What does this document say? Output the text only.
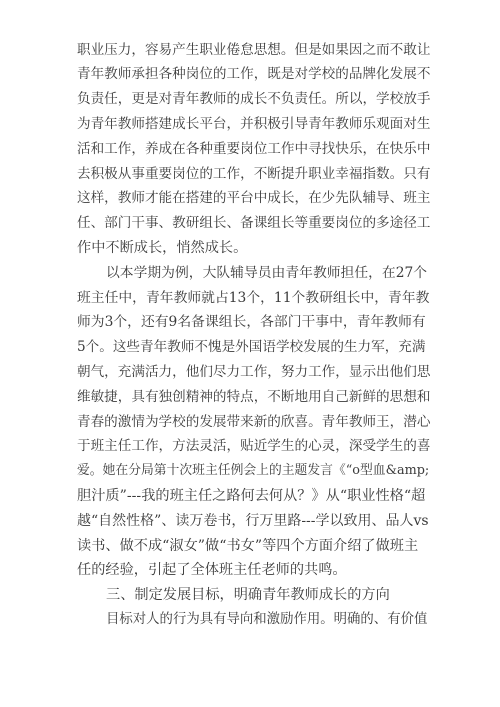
职业压力，容易产生职业倦怠思想。但是如果因之而不敢让
青年教师承担各种岗位的工作，既是对学校的品牌化发展不
负责任，更是对青年教师的成长不负责任。所以，学校放手
为青年教师搭建成长平台，并积极引导青年教师乐观面对生
活和工作，养成在各种重要岗位工作中寻找快乐，在快乐中
去积极从事重要岗位的工作，不断提升职业幸福指数。只有
这样，教师才能在搭建的平台中成长，在少先队辅导、班主
任、部门干事、教研组长、备课组长等重要岗位的多途径工
作中不断成长，悄然成长。
以本学期为例，大队辅导员由青年教师担任，在27个
班主任中，青年教师就占13个，11个教研组长中，青年教
师为3个，还有9名备课组长，各部门干事中，青年教师有
5个。这些青年教师不愧是外国语学校发展的生力军，充满
朝气，充满活力，他们尽力工作，努力工作，显示出他们思
维敏捷，具有独创精神的特点，不断地用自己新鲜的思想和
青春的激情为学校的发展带来新的欣喜。青年教师王，潜心
于班主任工作，方法灵活，贴近学生的心灵，深受学生的喜
爱。她在分局第十次班主任例会上的主题发言《“o型血&amp;
胆汁质”---我的班主任之路何去何从？》从“职业性格“超
越“自然性格”、读万卷书，行万里路---学以致用、品人vs
读书、做不成“淑女”做“书女”等四个方面介绍了做班主
任的经验，引起了全体班主任老师的共鸣。
三、制定发展目标，明确青年教师成长的方向
目标对人的行为具有导向和激励作用。明确的、有价值
